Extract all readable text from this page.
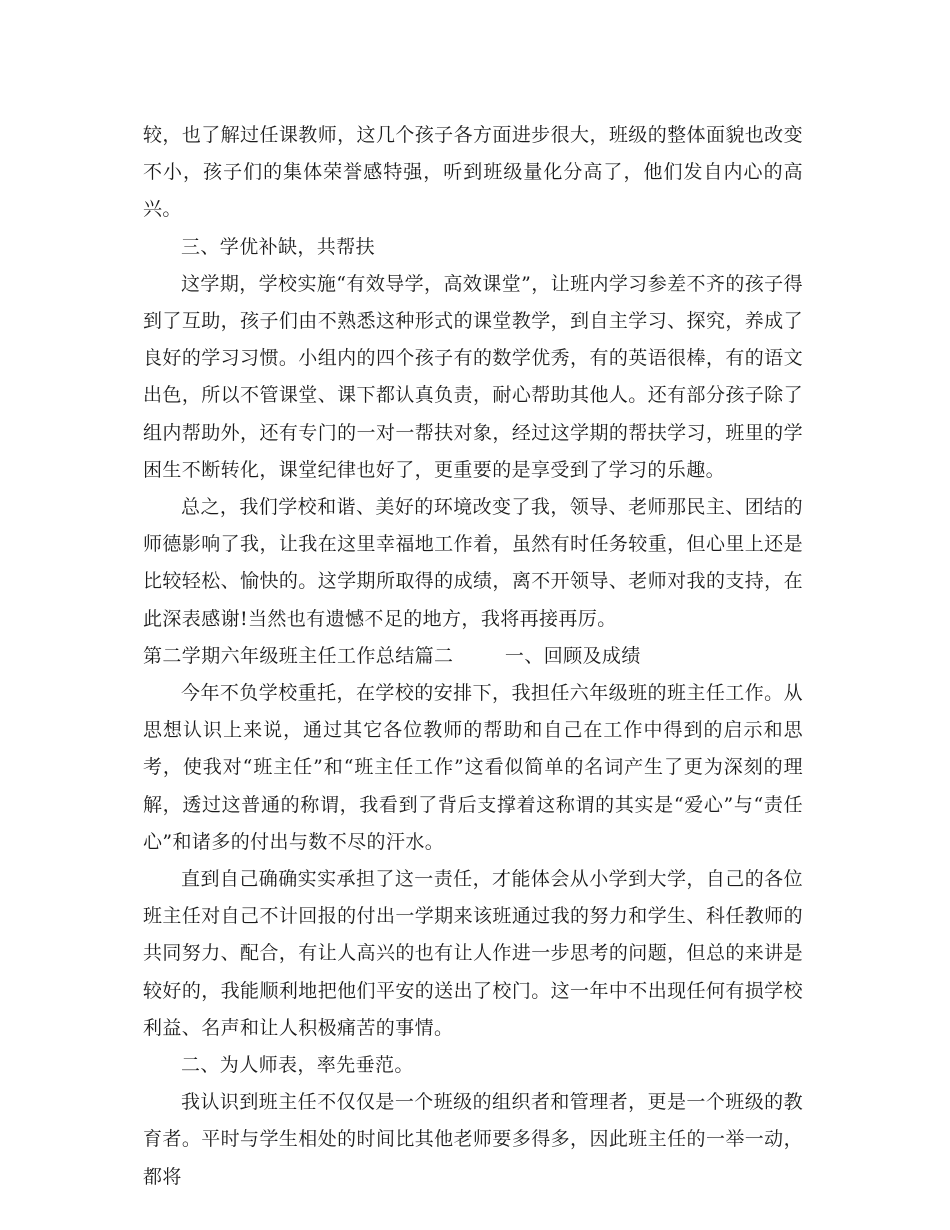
较，也了解过任课教师，这几个孩子各方面进步很大，班级的整体面貌也改变不小，孩子们的集体荣誉感特强，听到班级量化分高了，他们发自内心的高兴。

三、学优补缺，共帮扶

这学期，学校实施“有效导学，高效课堂”，让班内学习参差不齐的孩子得到了互助，孩子们由不熟悉这种形式的课堂教学，到自主学习、探究，养成了良好的学习习惯。小组内的四个孩子有的数学优秀，有的英语很棒，有的语文出色，所以不管课堂、课下都认真负责，耐心帮助其他人。还有部分孩子除了组内帮助外，还有专门的一对一帮扶对象，经过这学期的帮扶学习，班里的学困生不断转化，课堂纪律也好了，更重要的是享受到了学习的乐趣。

总之，我们学校和谐、美好的环境改变了我，领导、老师那民主、团结的师德影响了我，让我在这里幸福地工作着，虽然有时任务较重，但心里上还是比较轻松、愉快的。这学期所取得的成绩，离不开领导、老师对我的支持，在此深表感谢!当然也有遗憾不足的地方，我将再接再厉。

第二学期六年级班主任工作总结篇二        一、回顾及成绩

今年不负学校重托，在学校的安排下，我担任六年级班的班主任工作。从思想认识上来说，通过其它各位教师的帮助和自己在工作中得到的启示和思考，使我对“班主任”和“班主任工作”这看似简单的名词产生了更为深刻的理解，透过这普通的称谓，我看到了背后支撑着这称谓的其实是“爱心”与“责任心”和诸多的付出与数不尽的汗水。

直到自己确确实实承担了这一责任，才能体会从小学到大学，自己的各位班主任对自己不计回报的付出一学期来该班通过我的努力和学生、科任教师的共同努力、配合，有让人高兴的也有让人作进一步思考的问题，但总的来讲是较好的，我能顺利地把他们平安的送出了校门。这一年中不出现任何有损学校利益、名声和让人积极痛苦的事情。

二、为人师表，率先垂范。

我认识到班主任不仅仅是一个班级的组织者和管理者，更是一个班级的教育者。平时与学生相处的时间比其他老师要多得多，因此班主任的一举一动，都将
